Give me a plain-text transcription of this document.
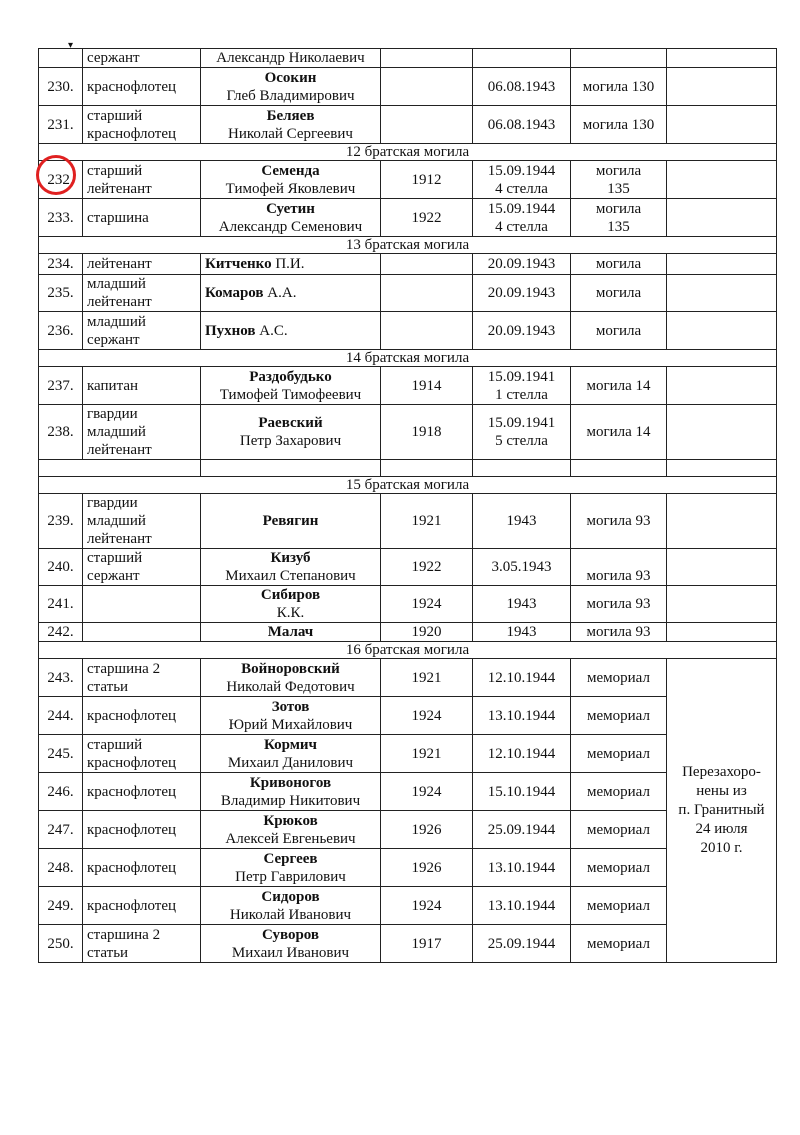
▾

	сержант	Александр Николаевич				

230.	краснофлотец	Осокин
Глеб Владимирович		06.08.1943	могила 130	

231.	старший
краснофлотец	Беляев
Николай Сергеевич		06.08.1943	могила 130	

12 братская могила						
232.	старший
лейтенант	Семенда
Тимофей Яковлевич	1912	15.09.1944
4 стелла	могила
135	

233.	старшина	Суетин
Александр Семенович	1922	15.09.1944
4 стелла	могила
135	

13 братская могила						
234.	лейтенант	Китченко П.И.		20.09.1943	могила	

235.	младший
лейтенант	Комаров А.А.		20.09.1943	могила	

236.	младший
сержант	Пухнов А.С.		20.09.1943	могила	

14 братская могила						
237.	капитан	Раздобудько
Тимофей Тимофеевич	1914	15.09.1941
1 стелла	могила 14	

238.	гвардии
младший
лейтенант	Раевский
Петр Захарович	1918	15.09.1941
5 стелла	могила 14	

15 братская могила						
239.	гвардии
младший
лейтенант	Ревягин	1921	1943	могила 93	

240.	старший
сержант	Кизуб
Михаил Степанович	1922	3.05.1943	могила 93	

241.		Сибиров
К.К.	1924	1943	могила 93	

242.		Малач	1920	1943	могила 93	

16 братская могила						
243.	старшина 2
статьи	Войнoровский
Николай Федотович	1921	12.10.1944	мемориал	Перезахоро-
нены из
п. Гранитный
24 июля
2010 г.

244.	краснофлотец	Зотов
Юрий Михайлович	1924	13.10.1944	мемориал	

245.	старший
краснофлотец	Кормич
Михаил Данилович	1921	12.10.1944	мемориал	

246.	краснофлотец	Кривоногов
Владимир Никитович	1924	15.10.1944	мемориал	

247.	краснофлотец	Крюков
Алексей Евгеньевич	1926	25.09.1944	мемориал	

248.	краснофлотец	Сергеев
Петр Гаврилович	1926	13.10.1944	мемориал	

249.	краснофлотец	Сидоров
Николай Иванович	1924	13.10.1944	мемориал	

250.	старшина 2
статьи	Суворов
Михаил Иванович	1917	25.09.1944	мемориал	
